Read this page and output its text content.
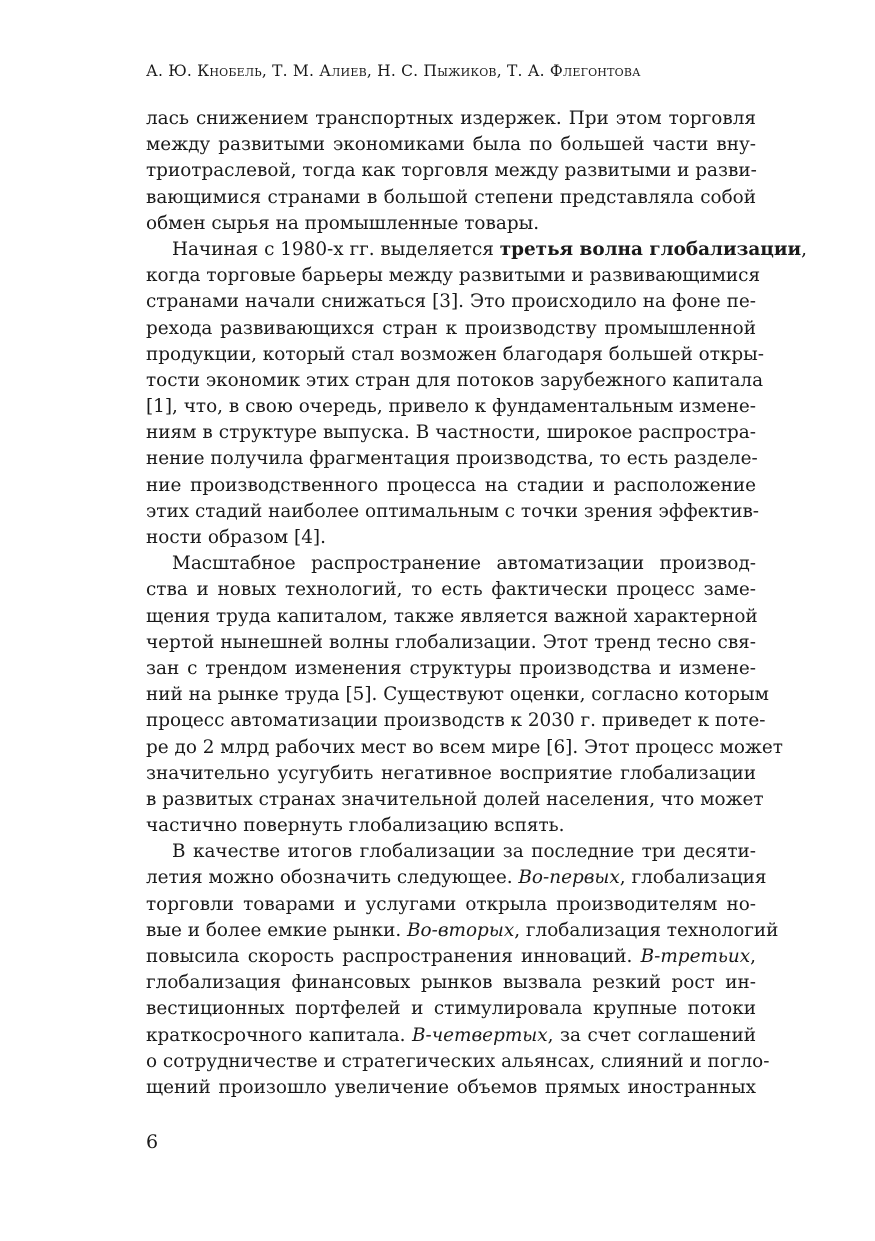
А. Ю. Кнобель, Т. М. Алиев, Н. С. Пыжиков, Т. А. Флегонтова
лась снижением транспортных издержек. При этом торговля
между развитыми экономиками была по большей части вну-
триотраслевой, тогда как торговля между развитыми и разви-
вающимися странами в большой степени представляла собой
обмен сырья на промышленные товары.
Начиная с 1980-х гг. выделяется третья волна глобализации,
когда торговые барьеры между развитыми и развивающимися
странами начали снижаться [3]. Это происходило на фоне пе-
рехода развивающихся стран к производству промышленной
продукции, который стал возможен благодаря большей откры-
тости экономик этих стран для потоков зарубежного капитала
[1], что, в свою очередь, привело к фундаментальным измене-
ниям в структуре выпуска. В частности, широкое распростра-
нение получила фрагментация производства, то есть разделе-
ние производственного процесса на стадии и расположение
этих стадий наиболее оптимальным с точки зрения эффектив-
ности образом [4].
Масштабное распространение автоматизации производ-
ства и новых технологий, то есть фактически процесс заме-
щения труда капиталом, также является важной характерной
чертой нынешней волны глобализации. Этот тренд тесно свя-
зан с трендом изменения структуры производства и измене-
ний на рынке труда [5]. Существуют оценки, согласно которым
процесс автоматизации производств к 2030 г. приведет к поте-
ре до 2 млрд рабочих мест во всем мире [6]. Этот процесс может
значительно усугубить негативное восприятие глобализации
в развитых странах значительной долей населения, что может
частично повернуть глобализацию вспять.
В качестве итогов глобализации за последние три десяти-
летия можно обозначить следующее. Во-первых, глобализация
торговли товарами и услугами открыла производителям но-
вые и более емкие рынки. Во-вторых, глобализация технологий
повысила скорость распространения инноваций. В-третьих,
глобализация финансовых рынков вызвала резкий рост ин-
вестиционных портфелей и стимулировала крупные потоки
краткосрочного капитала. В-четвертых, за счет соглашений
о сотрудничестве и стратегических альянсах, слияний и погло-
щений произошло увеличение объемов прямых иностранных
6
